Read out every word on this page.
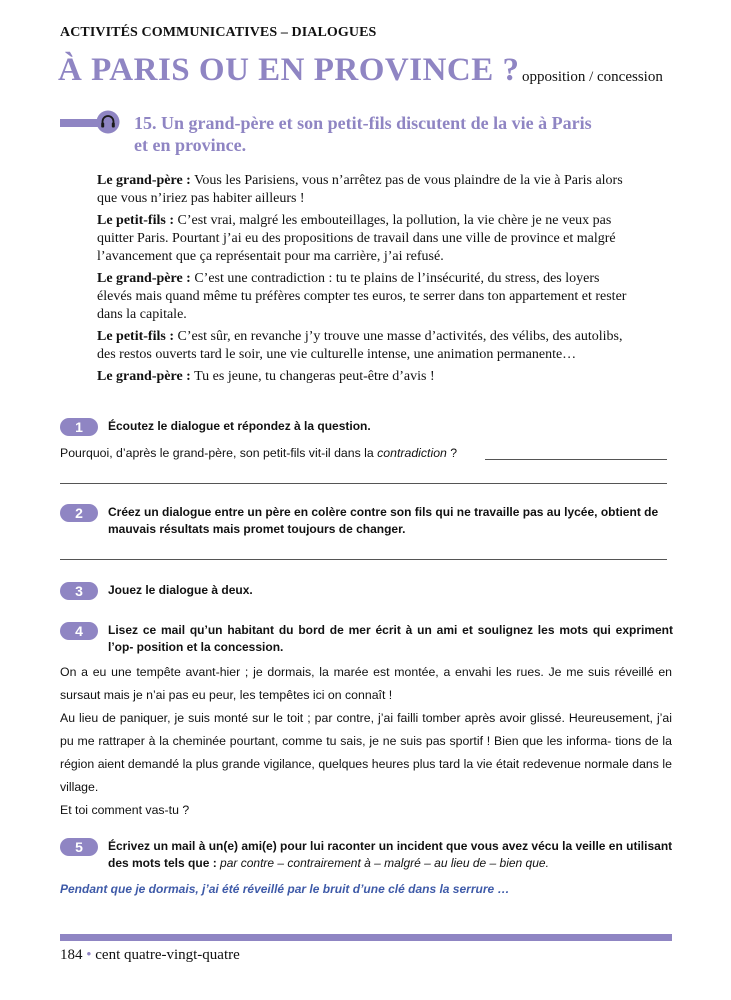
ACTIVITÉS COMMUNICATIVES – DIALOGUES
À PARIS OU EN PROVINCE ? opposition / concession
15. Un grand-père et son petit-fils discutent de la vie à Paris
et en province.

Le grand-père : Vous les Parisiens, vous n’arrêtez pas de vous plaindre de la vie à Paris alors que vous n’iriez pas habiter ailleurs !

Le petit-fils : C’est vrai, malgré les embouteillages, la pollution, la vie chère je ne veux pas quitter Paris. Pourtant j’ai eu des propositions de travail dans une ville de province et malgré l’avancement que ça représentait pour ma carrière, j’ai refusé.

Le grand-père : C’est une contradiction : tu te plains de l’insécurité, du stress, des loyers élevés mais quand même tu préfères compter tes euros, te serrer dans ton appartement et rester dans la capitale.

Le petit-fils : C’est sûr, en revanche j’y trouve une masse d’activités, des vélibs, des autolibs, des restos ouverts tard le soir, une vie culturelle intense, une animation permanente…

Le grand-père : Tu es jeune, tu changeras peut-être d’avis !

1	Écoutez le dialogue et répondez à la question.
Pourquoi, d’après le grand-père, son petit-fils vit-il dans la contradiction ?
2	Créez un dialogue entre un père en colère contre son fils qui ne travaille pas au lycée, obtient de mauvais résultats mais promet toujours de changer.
3	Jouez le dialogue à deux.
4	Lisez ce mail qu’un habitant du bord de mer écrit à un ami et soulignez les mots qui expriment l’op- position et la concession.

On a eu une tempête avant-hier ; je dormais, la marée est montée, a envahi les rues. Je me suis réveillé en sursaut mais je n’ai pas eu peur, les tempêtes ici on connaît !

Au lieu de paniquer, je suis monté sur le toit ; par contre, j’ai failli tomber après avoir glissé. Heureusement, j’ai pu me rattraper à la cheminée pourtant, comme tu sais, je ne suis pas sportif ! Bien que les informa- tions de la région aient demandé la plus grande vigilance, quelques heures plus tard la vie était redevenue normale dans le village.

Et toi comment vas-tu ?

5	Écrivez un mail à un(e) ami(e) pour lui raconter un incident que vous avez vécu la veille en utilisant des mots tels que : par contre – contrairement à – malgré – au lieu de – bien que.
Pendant que je dormais, j’ai été réveillé par le bruit d’une clé dans la serrure …
184 • cent quatre-vingt-quatre
